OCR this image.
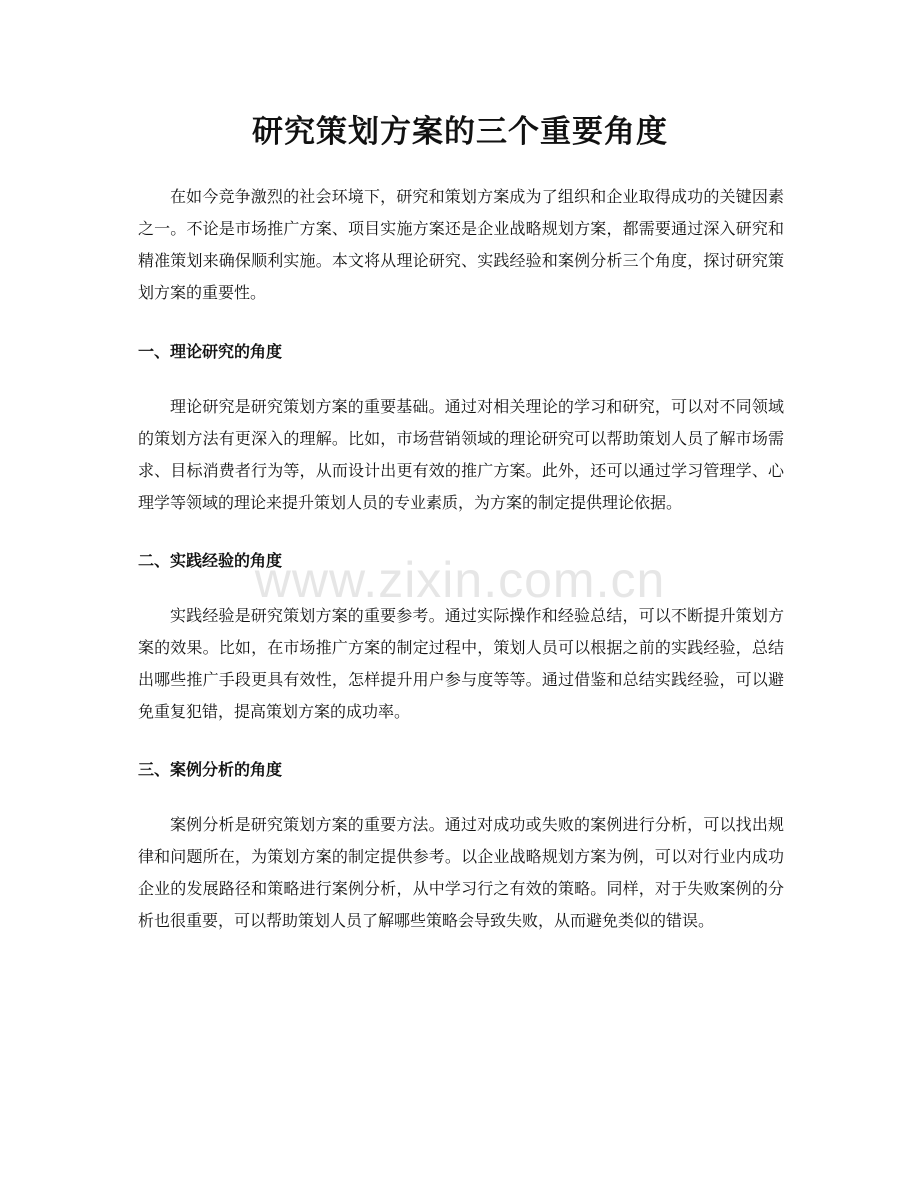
研究策划方案的三个重要角度

在如今竞争激烈的社会环境下，研究和策划方案成为了组织和企业取得成功的关键因素之一。不论是市场推广方案、项目实施方案还是企业战略规划方案，都需要通过深入研究和精准策划来确保顺利实施。本文将从理论研究、实践经验和案例分析三个角度，探讨研究策划方案的重要性。

一、理论研究的角度

理论研究是研究策划方案的重要基础。通过对相关理论的学习和研究，可以对不同领域的策划方法有更深入的理解。比如，市场营销领域的理论研究可以帮助策划人员了解市场需求、目标消费者行为等，从而设计出更有效的推广方案。此外，还可以通过学习管理学、心理学等领域的理论来提升策划人员的专业素质，为方案的制定提供理论依据。

二、实践经验的角度

实践经验是研究策划方案的重要参考。通过实际操作和经验总结，可以不断提升策划方案的效果。比如，在市场推广方案的制定过程中，策划人员可以根据之前的实践经验，总结出哪些推广手段更具有效性，怎样提升用户参与度等等。通过借鉴和总结实践经验，可以避免重复犯错，提高策划方案的成功率。

三、案例分析的角度

案例分析是研究策划方案的重要方法。通过对成功或失败的案例进行分析，可以找出规律和问题所在，为策划方案的制定提供参考。以企业战略规划方案为例，可以对行业内成功企业的发展路径和策略进行案例分析，从中学习行之有效的策略。同样，对于失败案例的分析也很重要，可以帮助策划人员了解哪些策略会导致失败，从而避免类似的错误。

www.zixin.com.cn
